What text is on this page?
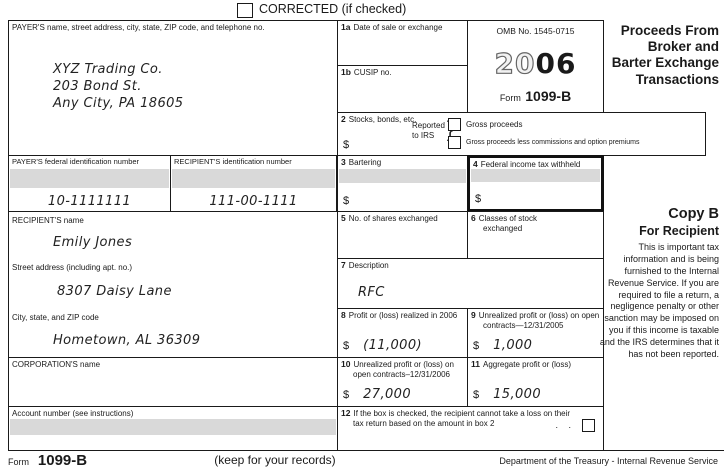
CORRECTED (if checked)
PAYER'S name, street address, city, state, ZIP code, and telephone no.
XYZ Trading Co.
203 Bond St.
Any City, PA 18605
1a Date of sale or exchange
1b CUSIP no.
OMB No. 1545-0715
2006
Form 1099-B
Proceeds From
Broker and
Barter Exchange
Transactions
2 Stocks, bonds, etc.
$
Reported
to IRS
Gross proceeds
Gross proceeds less commissions and option premiums
PAYER'S federal identification number
10-1111111
RECIPIENT'S identification number
111-00-1111
3 Bartering
$
4 Federal income tax withheld
$
RECIPIENT'S name
Emily Jones
Street address (including apt. no.)
8307 Daisy Lane
City, state, and ZIP code
Hometown, AL 36309
5 No. of shares exchanged	6 Classes of stock exchanged
7 Description
RFC
8 Profit or (loss) realized in 2006
$ (11,000)
9 Unrealized profit or (loss) on open contracts—12/31/2005
$ 1,000
CORPORATION'S name	10 Unrealized profit or (loss) on open contracts–12/31/2006
$ 27,000
11 Aggregate profit or (loss)
$ 15,000
Account number (see instructions)	12 If the box is checked, the recipient cannot take a loss on their tax return based on the amount in box 2	. .
Copy B
For Recipient
This is important tax information and is being furnished to the Internal Revenue Service. If you are required to file a return, a negligence penalty or other sanction may be imposed on you if this income is taxable and the IRS determines that it has not been reported.
Form 1099-B	(keep for your records)	Department of the Treasury - Internal Revenue Service
